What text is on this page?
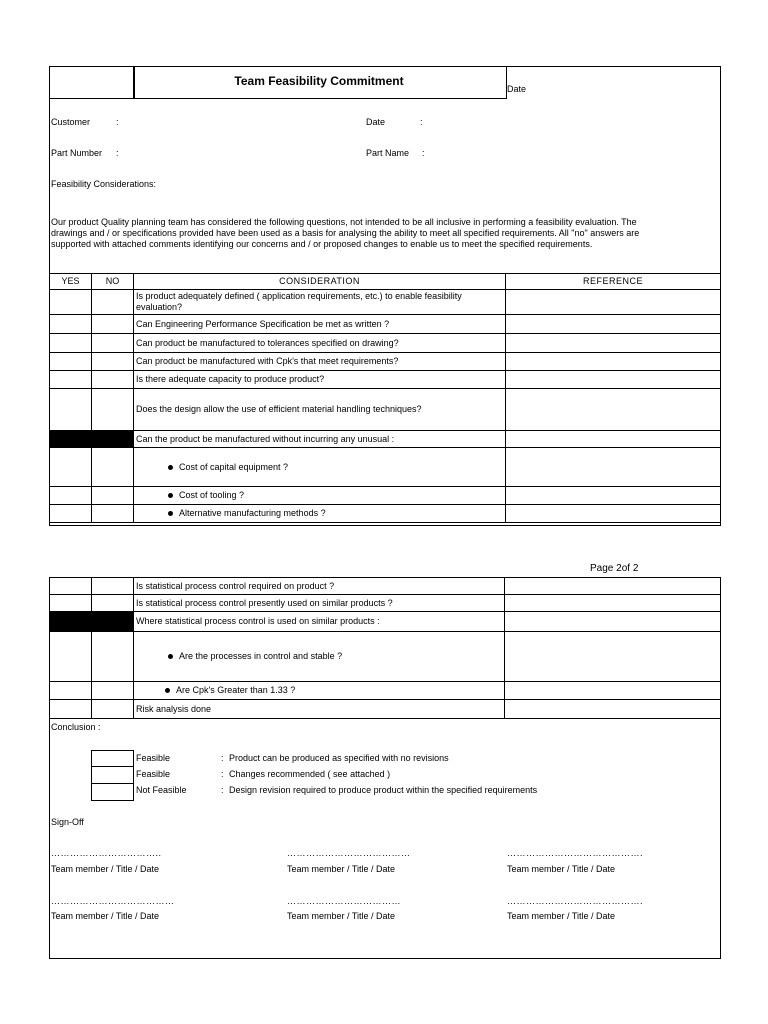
Team Feasibility Commitment
Date
Customer	:	Date	:
Part Number :	Part Name :
Feasibility Considerations:
Our product Quality planning team has considered the following questions, not intended to be all inclusive in performing a feasibility evaluation. The
drawings and / or specifications provided have been used as a basis for analysing the ability to meet all specified requirements. All "no" answers are
supported with attached comments identifying our concerns and / or proposed changes to enable us to meet the specified requirements.
YES	NO	CONSIDERATION	REFERENCE
		Is product adequately defined ( application requirements, etc.) to enable feasibility evaluation?	
		Can Engineering Performance Specification be met as written ?	
		Can product be manufactured to tolerances specified on drawing?	
		Can product be manufactured with Cpk's that meet requirements?	
		Is there adequate capacity to produce product?	
		Does the design allow the use of efficient material handling techniques?	
		Can the product be manufactured without incurring any unusual :	
		Cost of capital equipment ?	
		Cost of tooling ?	
		Alternative manufacturing methods ?	
Page 2of 2
		Is statistical process control required on product ?	
		Is statistical process control presently used on similar products ?	
		Where statistical process control is used on similar products :	
		Are the processes in control and stable ?	
		Are Cpk's Greater than 1.33 ?	
		Risk analysis done	
Conclusion :
Feasible	: Product can be produced as specified with no revisions
Feasible	: Changes recommended ( see attached )
Not Feasible	: Design revision required to produce product within the specified requirements
Sign-Off
……………………………..	…………………………………	…………………………………….
Team member / Title / Date	Team member / Title / Date	Team member / Title / Date
…………………………………	………………………………	…………………………………….
Team member / Title / Date	Team member / Title / Date	Team member / Title / Date
